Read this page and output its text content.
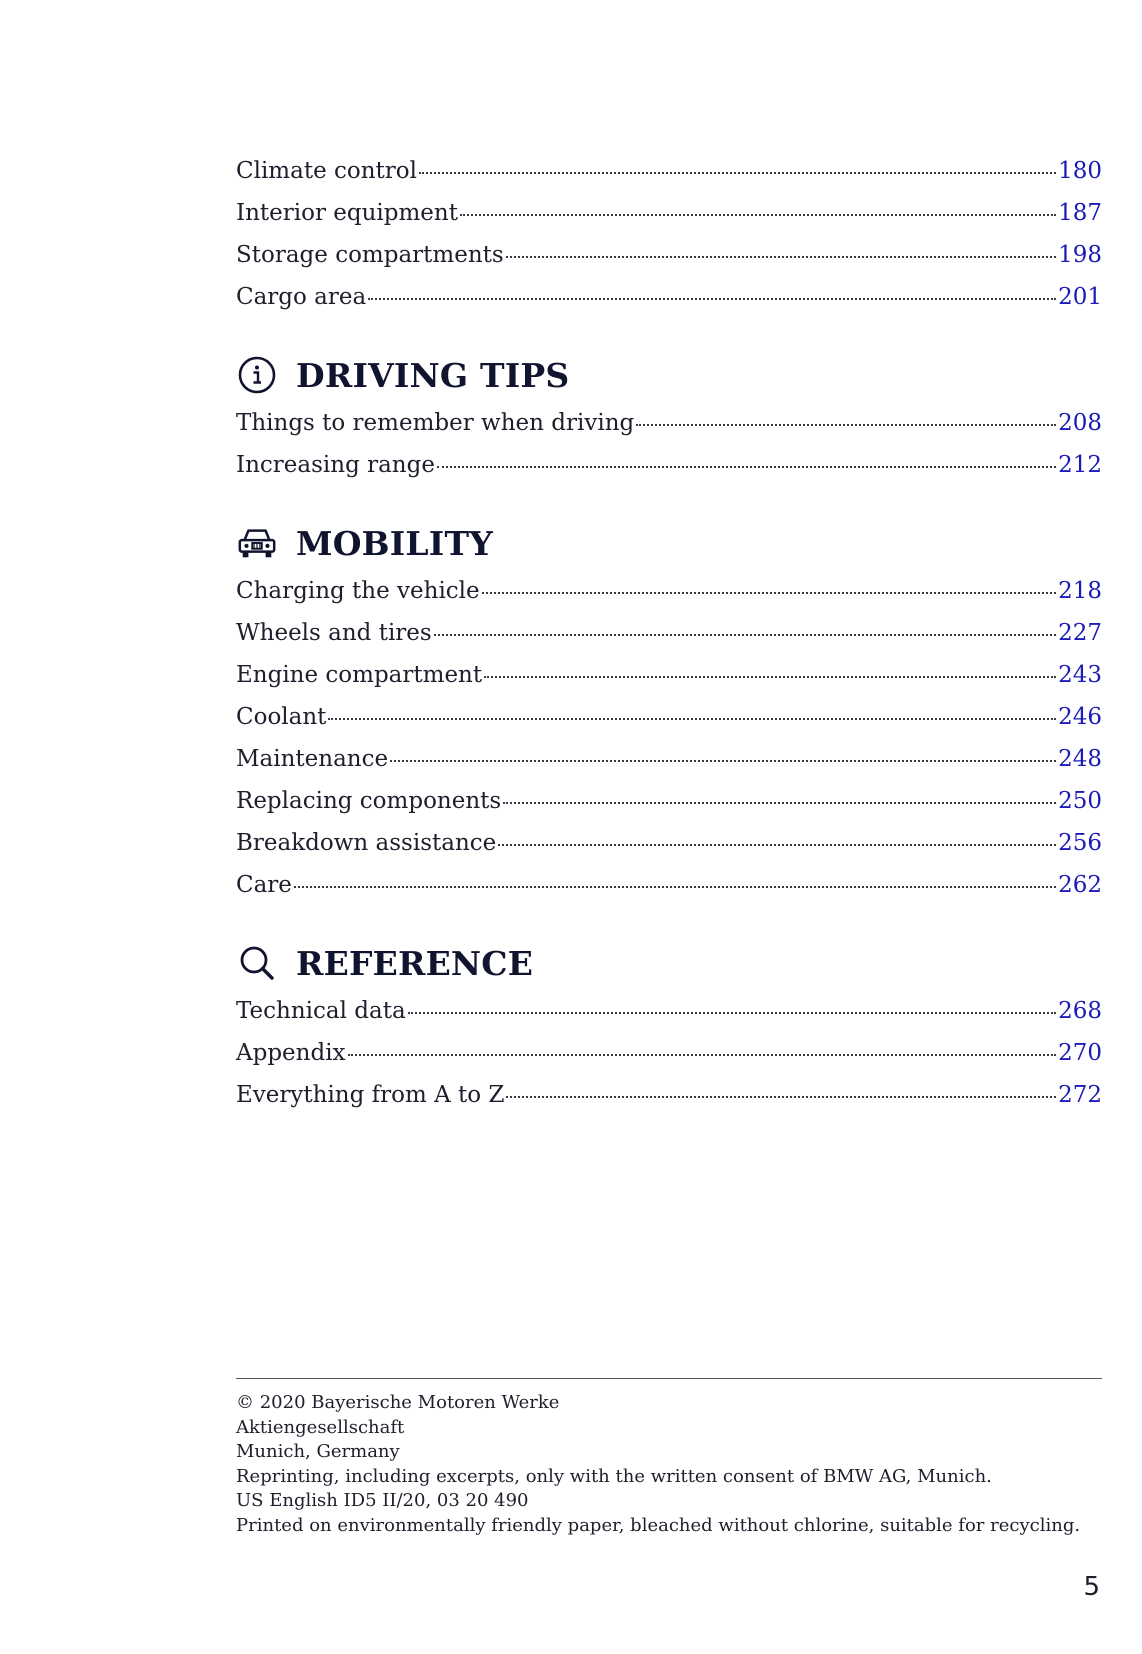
Climate control	180
Interior equipment	187
Storage compartments	198
Cargo area	201
DRIVING TIPS
Things to remember when driving	208
Increasing range	212
MOBILITY
Charging the vehicle	218
Wheels and tires	227
Engine compartment	243
Coolant	246
Maintenance	248
Replacing components	250
Breakdown assistance	256
Care	262
REFERENCE
Technical data	268
Appendix	270
Everything from A to Z	272
© 2020 Bayerische Motoren Werke
Aktiengesellschaft
Munich, Germany
Reprinting, including excerpts, only with the written consent of BMW AG, Munich.
US English ID5 II/20, 03 20 490
Printed on environmentally friendly paper, bleached without chlorine, suitable for recycling.
5
